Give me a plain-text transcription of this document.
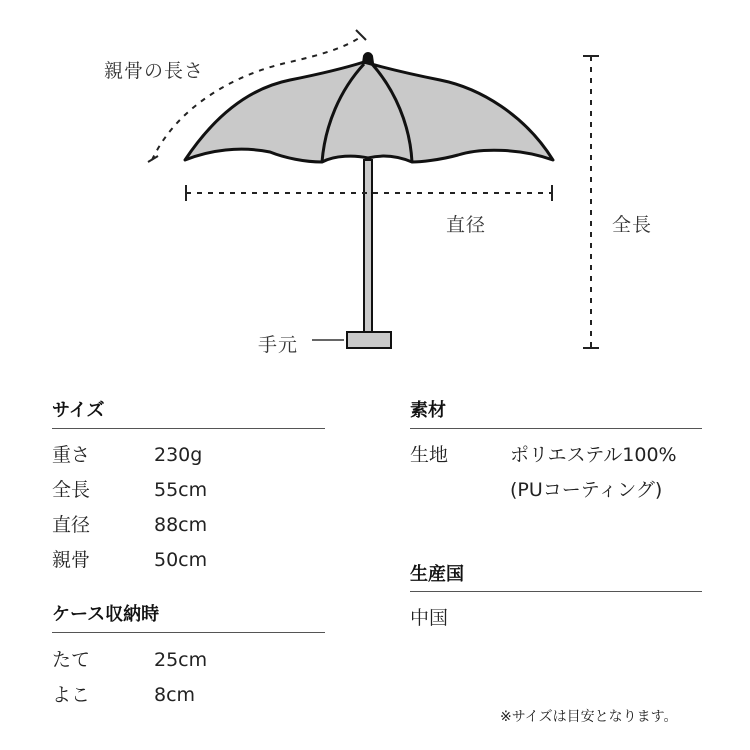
親骨の長さ
直径	全長
手元
サイズ
重さ	230g
全長	55cm
直径	88cm
親骨	50cm
ケース収納時
たて	25cm
よこ	8cm
素材
生地	ポリエステル100%
(PUコーティング)
生産国
中国
※サイズは目安となります。
